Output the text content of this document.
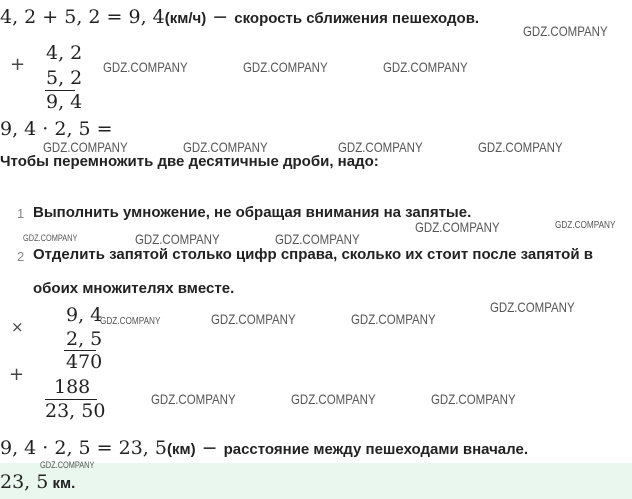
4, 2 + 5, 2 = 9, 4(км/ч) − скорость сближения пешеходов.
+
4, 2
5, 2
9, 4
9, 4 · 2, 5 =
Чтобы перемножить две десятичные дроби, надо:
1 Выполнить умножение, не обращая внимания на запятые.
2 Отделить запятой столько цифр справа, сколько их стоит после запятой в
обоих множителях вместе.
×
9, 4
2, 5
470
+
188
23, 50
9, 4 · 2, 5 = 23, 5(км) − расстояние между пешеходами вначале.
23, 5 км.
GDZ.COMPANY
GDZ.COMPANY	GDZ.COMPANY	GDZ.COMPANY
GDZ.COMPANY	GDZ.COMPANY	GDZ.COMPANY	GDZ.COMPANY
GDZ.COMPANY	GDZ.COMPANY
GDZ.COMPANY	GDZ.COMPANY	GDZ.COMPANY
GDZ.COMPANY
GDZ.COMPANY	GDZ.COMPANY	GDZ.COMPANY
GDZ.COMPANY	GDZ.COMPANY	GDZ.COMPANY
GDZ.COMPANY
